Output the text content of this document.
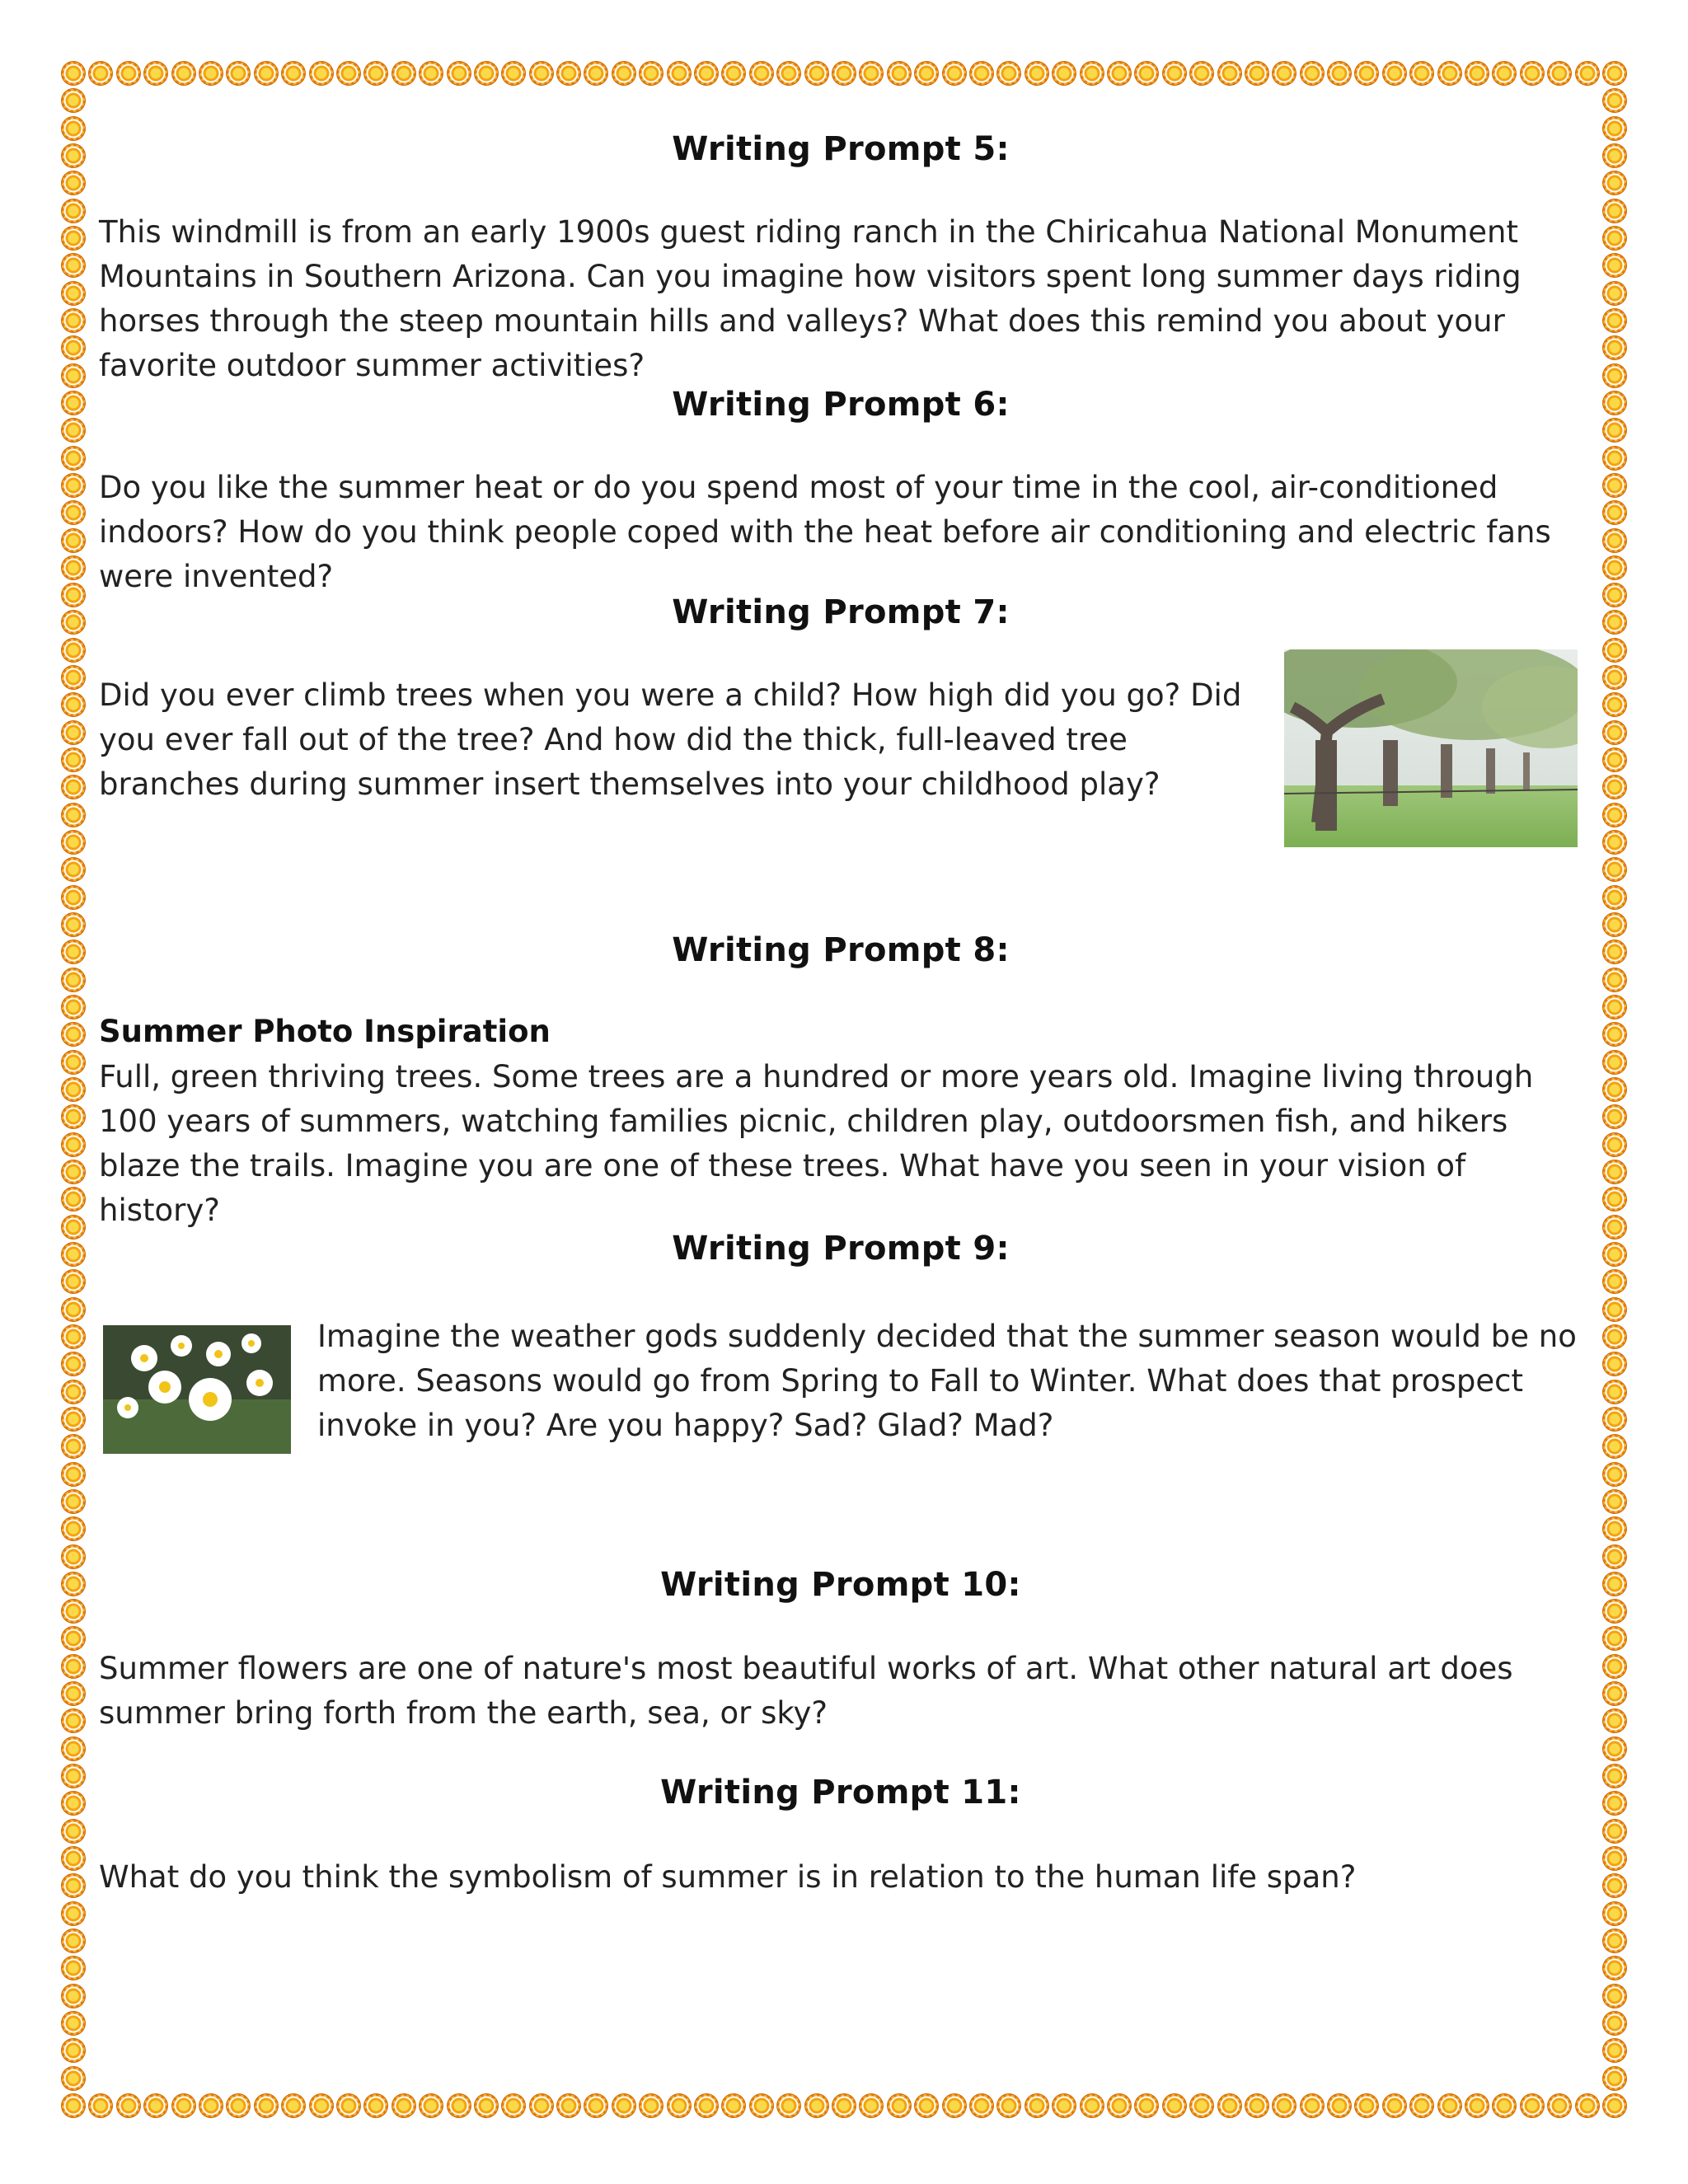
Writing Prompt 5:
This windmill is from an early 1900s guest riding ranch in the Chiricahua National Monument Mountains in Southern Arizona. Can you imagine how visitors spent long summer days riding horses through the steep mountain hills and valleys? What does this remind you about your favorite outdoor summer activities?
Writing Prompt 6:
Do you like the summer heat or do you spend most of your time in the cool, air-conditioned indoors? How do you think people coped with the heat before air conditioning and electric fans were invented?
Writing Prompt 7:
Did you ever climb trees when you were a child? How high did you go? Did you ever fall out of the tree? And how did the thick, full-leaved tree branches during summer insert themselves into your childhood play?
Writing Prompt 8:
Summer Photo Inspiration
Full, green thriving trees. Some trees are a hundred or more years old. Imagine living through 100 years of summers, watching families picnic, children play, outdoorsmen fish, and hikers blaze the trails. Imagine you are one of these trees. What have you seen in your vision of history?
Writing Prompt 9:
Imagine the weather gods suddenly decided that the summer season would be no more. Seasons would go from Spring to Fall to Winter. What does that prospect invoke in you? Are you happy? Sad? Glad? Mad?
Writing Prompt 10:
Summer flowers are one of nature's most beautiful works of art. What other natural art does summer bring forth from the earth, sea, or sky?
Writing Prompt 11:
What do you think the symbolism of summer is in relation to the human life span?
